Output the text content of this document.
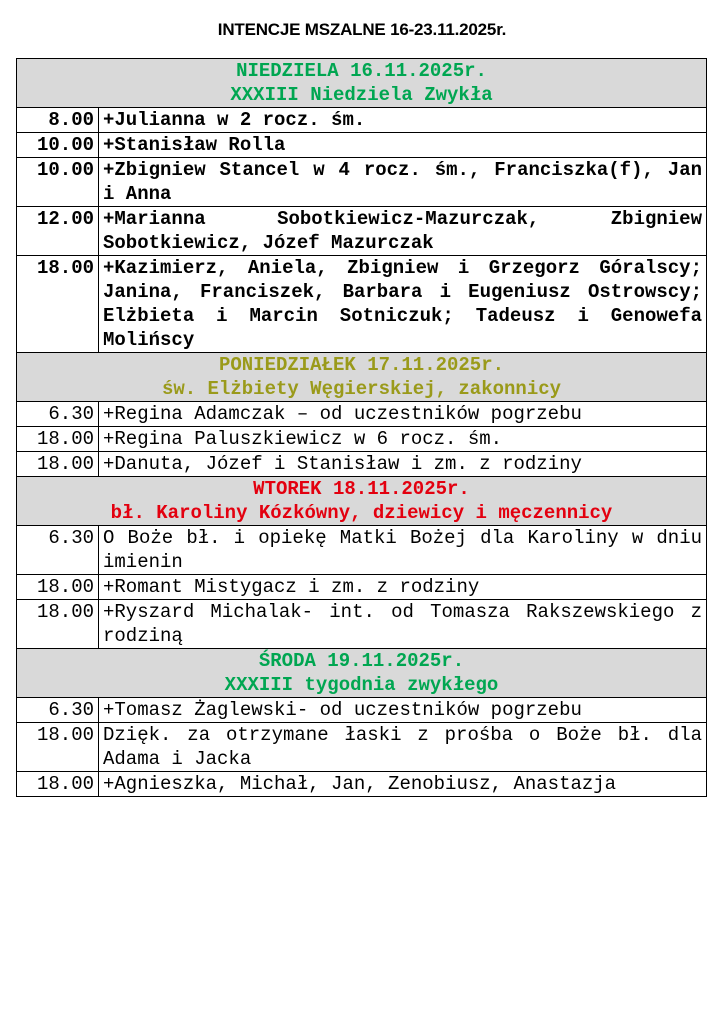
INTENCJE MSZALNE 16-23.11.2025r.
NIEDZIELA 16.11.2025r.
XXXIII Niedziela Zwykła	

8.00	+Julianna w 2 rocz. śm.
10.00	+Stanisław Rolla
10.00	+Zbigniew Stancel w 4 rocz. śm., Franciszka(f), Jan i Anna
12.00	+Marianna Sobotkiewicz-Mazurczak, Zbigniew Sobotkiewicz, Józef Mazurczak
18.00	+Kazimierz, Aniela, Zbigniew i Grzegorz Góralscy; Janina, Franciszek, Barbara i Eugeniusz Ostrowscy; Elżbieta i Marcin Sotniczuk; Tadeusz i Genowefa Molińscy

PONIEDZIAŁEK 17.11.2025r.
św. Elżbiety Węgierskiej, zakonnicy	

6.30	+Regina Adamczak – od uczestników pogrzebu
18.00	+Regina Paluszkiewicz w 6 rocz. śm.
18.00	+Danuta, Józef i Stanisław i zm. z rodziny

WTOREK 18.11.2025r.
bł. Karoliny Kózkówny, dziewicy i męczennicy	

6.30	O Boże bł. i opiekę Matki Bożej dla Karoliny w dniu imienin
18.00	+Romant Mistygacz i zm. z rodziny
18.00	+Ryszard Michalak- int. od Tomasza Rakszewskiego z rodziną

ŚRODA 19.11.2025r.
XXXIII tygodnia zwykłego	

6.30	+Tomasz Żaglewski- od uczestników pogrzebu
18.00	Dzięk. za otrzymane łaski z prośba o Boże bł. dla Adama i Jacka
18.00	+Agnieszka, Michał, Jan, Zenobiusz, Anastazja
